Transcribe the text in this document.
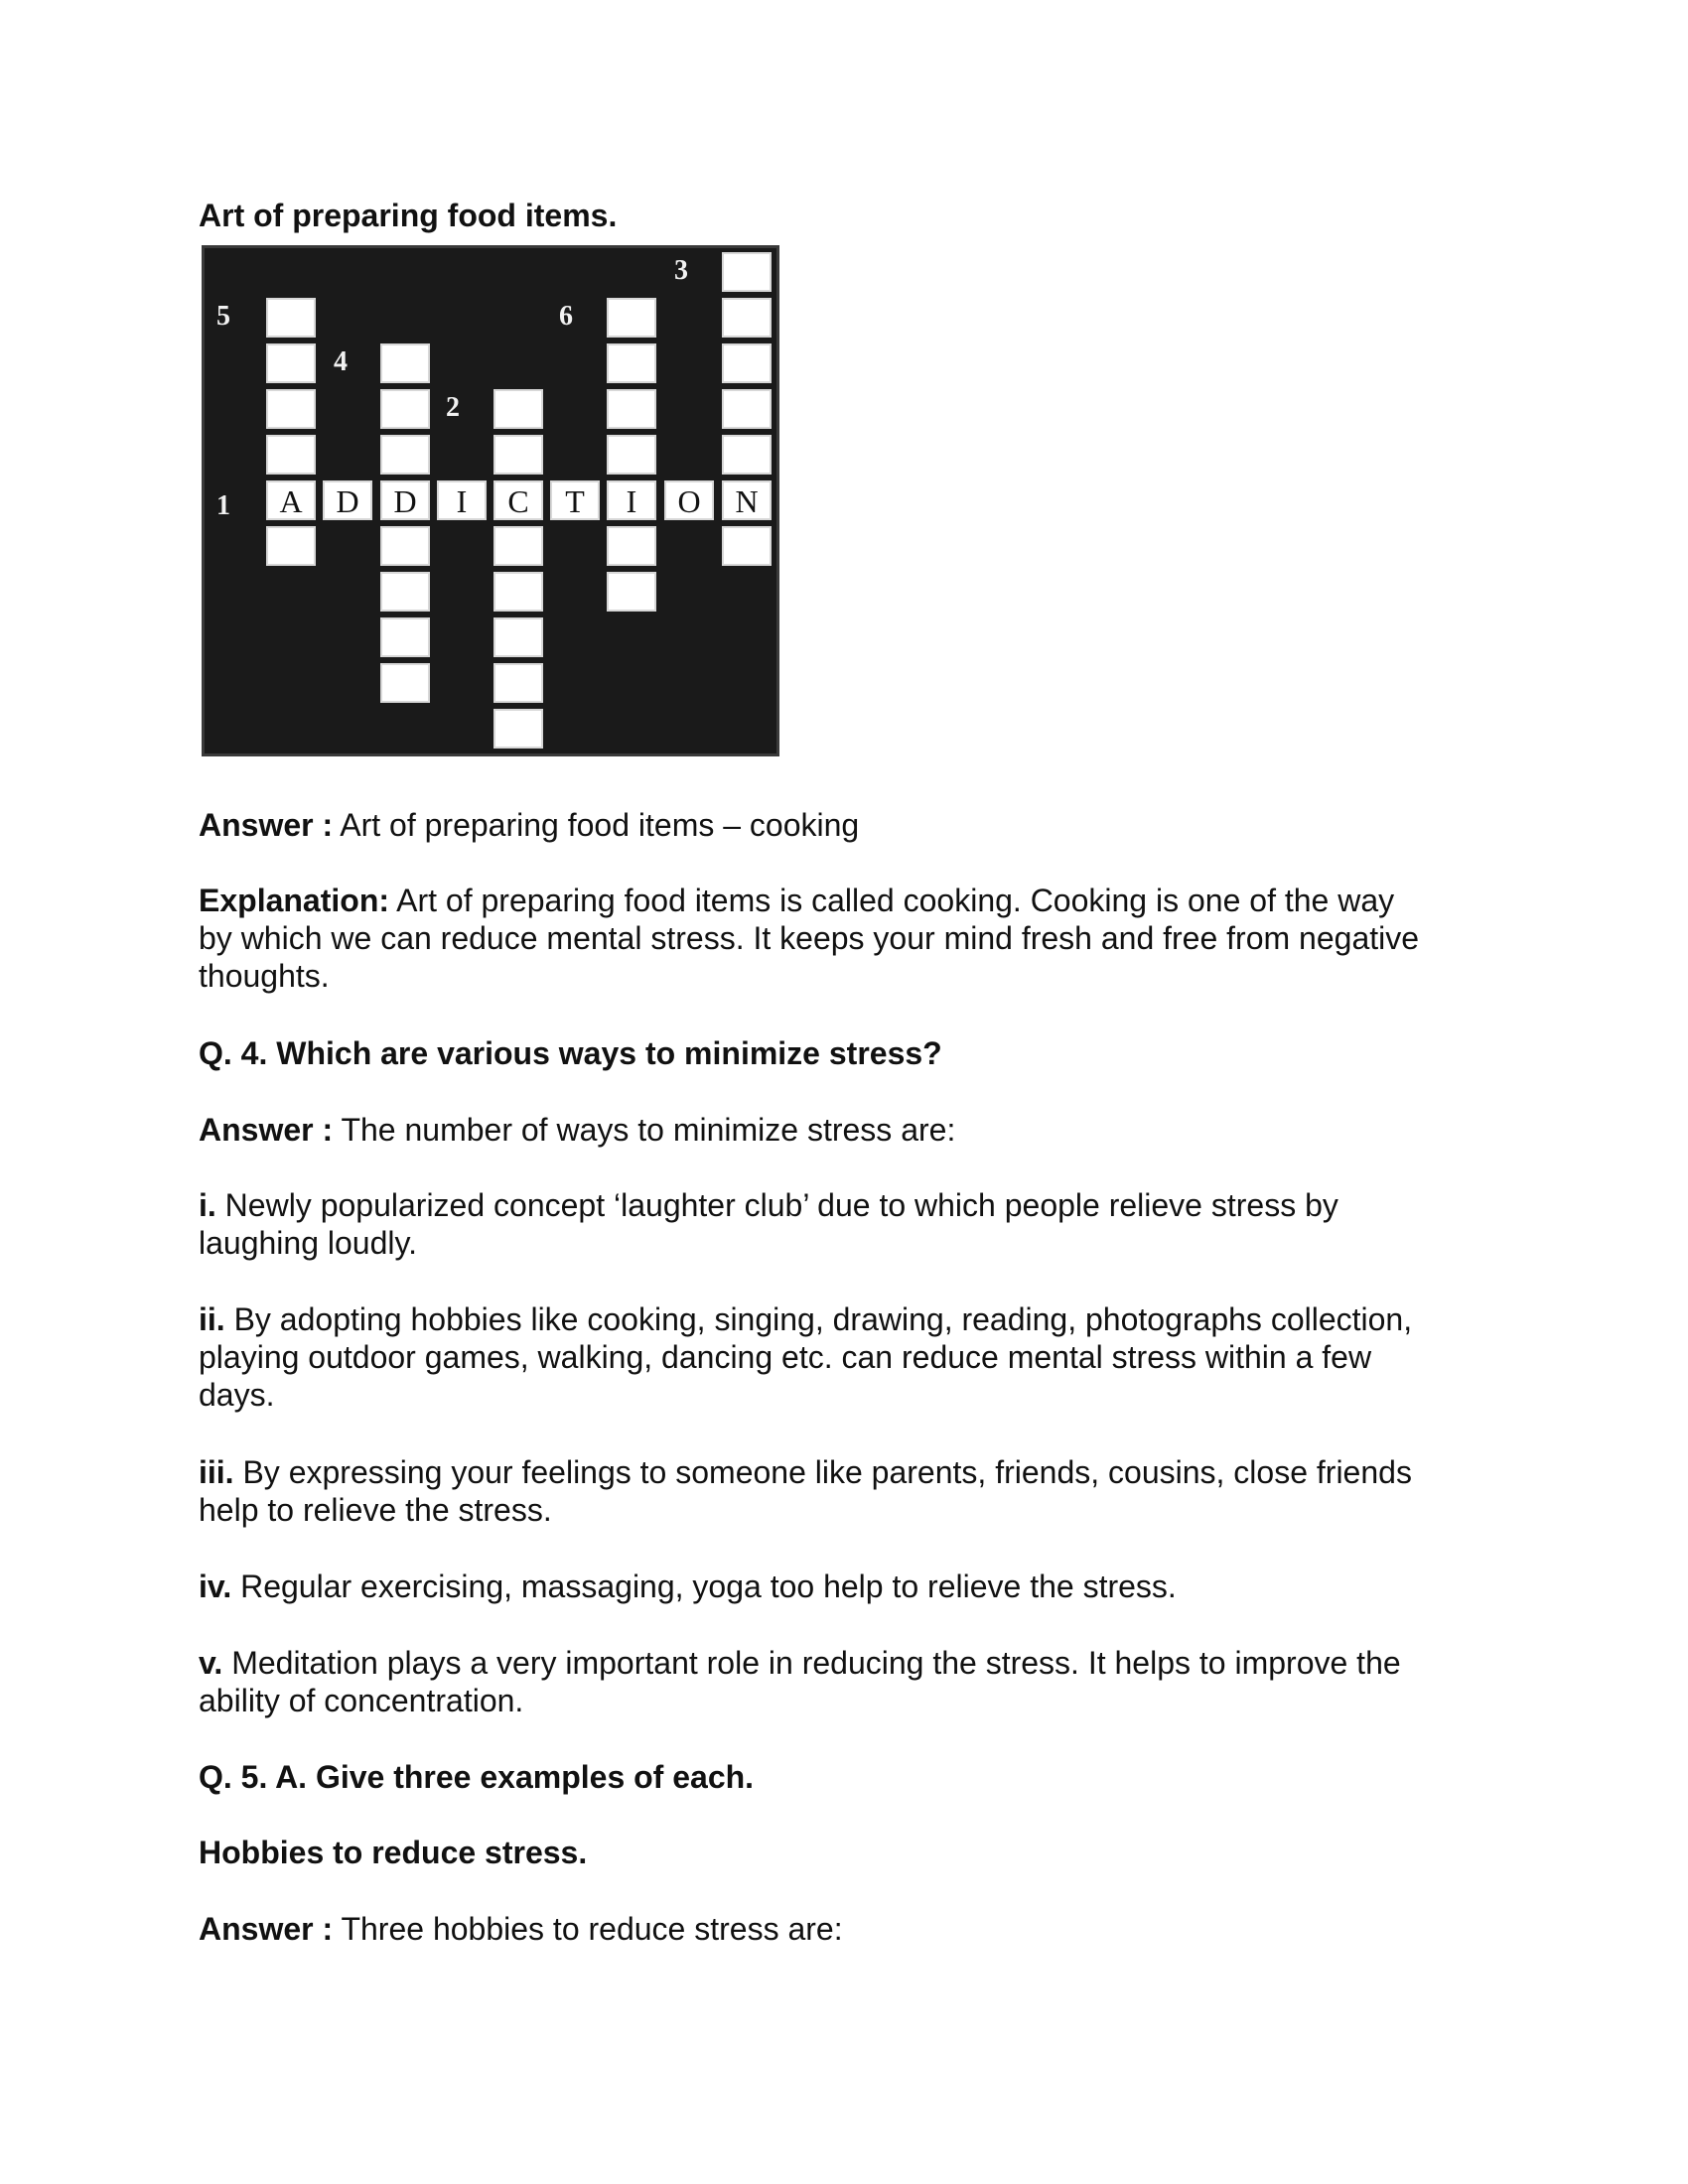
Art of preparing food items.

5
4
2
6
3
1	A	D	D	I	C	T	I	O	N

Answer : Art of preparing food items – cooking

Explanation: Art of preparing food items is called cooking. Cooking is one of the way
by which we can reduce mental stress. It keeps your mind fresh and free from negative
thoughts.

Q. 4. Which are various ways to minimize stress?

Answer : The number of ways to minimize stress are:

i. Newly popularized concept ‘laughter club’ due to which people relieve stress by
laughing loudly.
ii. By adopting hobbies like cooking, singing, drawing, reading, photographs collection,
playing outdoor games, walking, dancing etc. can reduce mental stress within a few
days.
iii. By expressing your feelings to someone like parents, friends, cousins, close friends
help to relieve the stress.
iv. Regular exercising, massaging, yoga too help to relieve the stress.
v. Meditation plays a very important role in reducing the stress. It helps to improve the
ability of concentration.

Q. 5. A. Give three examples of each.

Hobbies to reduce stress.

Answer : Three hobbies to reduce stress are:
